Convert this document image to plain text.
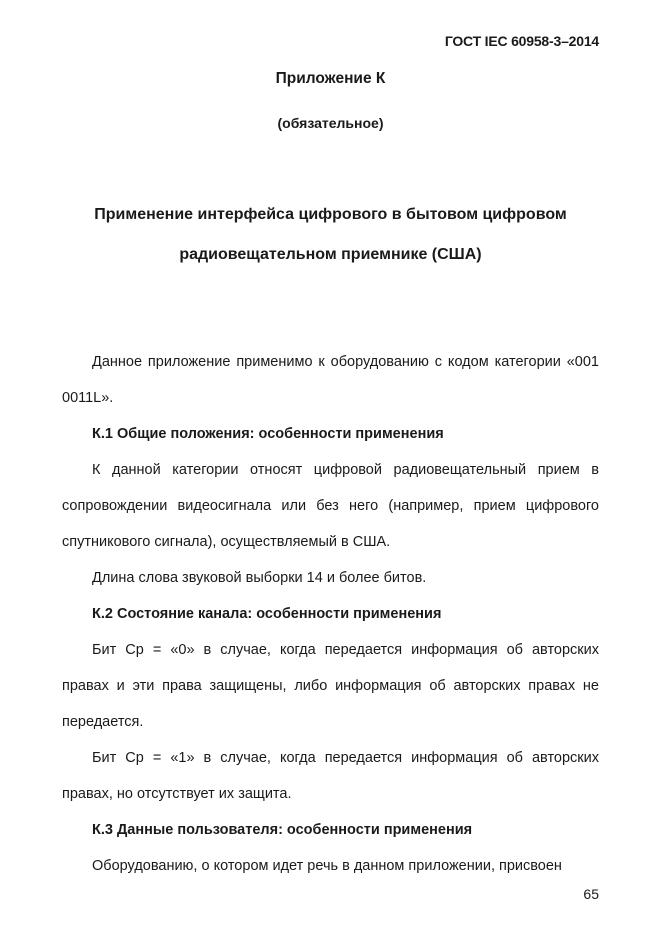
ГОСТ IEC 60958-3–2014
Приложение К
(обязательное)
Применение интерфейса цифрового в бытовом цифровом
радиовещательном приемнике (США)

Данное приложение применимо к оборудованию с кодом категории «001 0011L».

К.1 Общие положения: особенности применения

К данной категории относят цифровой радиовещательный прием в сопровождении видеосигнала или без него (например, прием цифрового спутникового сигнала), осуществляемый в США.

Длина слова звуковой выборки 14 и более битов.

К.2 Состояние канала: особенности применения

Бит Cp = «0» в случае, когда передается информация об авторских правах и эти права защищены, либо информация об авторских правах не передается.

Бит Cp = «1» в случае, когда передается информация об авторских правах, но отсутствует их защита.

К.3 Данные пользователя: особенности применения

Оборудованию, о котором идет речь в данном приложении, присвоен

65
